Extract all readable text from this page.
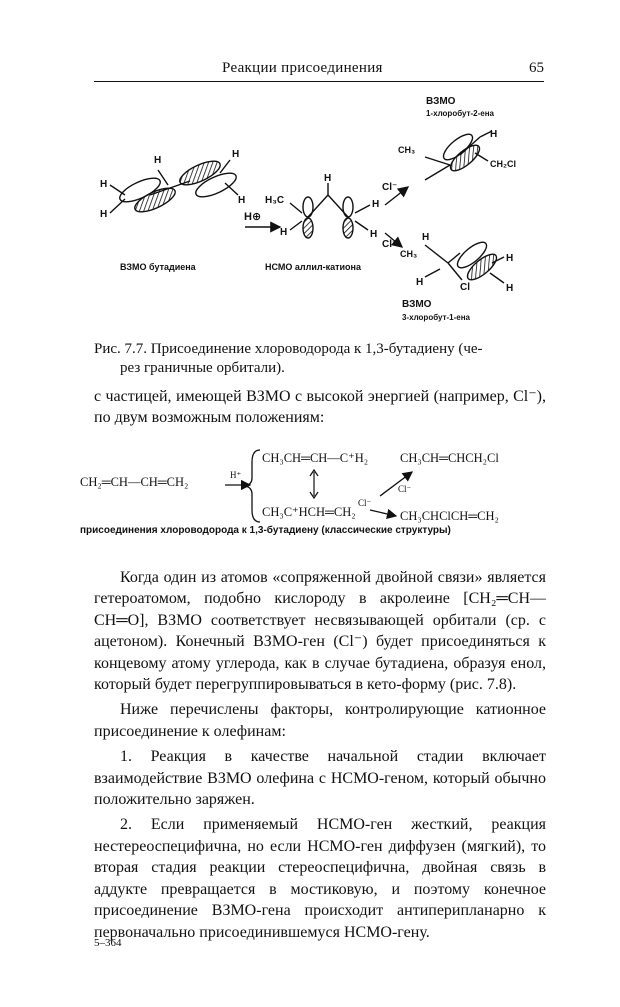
Реакции присоединения	65
H
H
H
H
H
ВЗМО бутадиена
H⊕
H₃C
H
H
H
H
НСМО аллил-катиона
Cl⁻
Cl⁻
ВЗМО
1-хлоробут-2-ена
CH₃
CH₂Cl
H
H
CH₃
H	Cl
H
H
ВЗМО
3-хлоробут-1-ена
Рис. 7.7. Присоединение хлороводорода к 1,3-бутадиену (че-
рез граничные орбитали).
с частицей, имеющей ВЗМО с высокой энергией (например, Cl⁻), по двум возможным положениям:
CH₂═CH—CH═CH₂	H⁺
CH₃CH═CH—C⁺H₂
CH₃C⁺HCH═CH₂
CH₃CH═CHCH₂Cl
Cl⁻
Cl⁻
CH₃CHClCH═CH₂
присоединения хлороводорода к 1,3-бутадиену (классические структуры)

Когда один из атомов «сопряженной двойной связи» является гетероатомом, подобно кислороду в акролеине [CH₂═CH—CH═O], ВЗМО соответствует несвязывающей орбитали (ср. с ацетоном). Конечный ВЗМО-ген (Cl⁻) будет присоединяться к концевому атому углерода, как в случае бутадиена, образуя енол, который будет перегруппировываться в кето-форму (рис. 7.8).

Ниже перечислены факторы, контролирующие катионное присоединение к олефинам:

1. Реакция в качестве начальной стадии включает взаимодействие ВЗМО олефина с НСМО-геном, который обычно положительно заряжен.

2. Если применяемый НСМО-ген жесткий, реакция нестереоспецифична, но если НСМО-ген диффузен (мягкий), то вторая стадия реакции стереоспецифична, двойная связь в аддукте превращается в мостиковую, и поэтому конечное присоединение ВЗМО-гена происходит антиперипланарно к первоначально присоединившемуся НСМО-гену.

5–364
